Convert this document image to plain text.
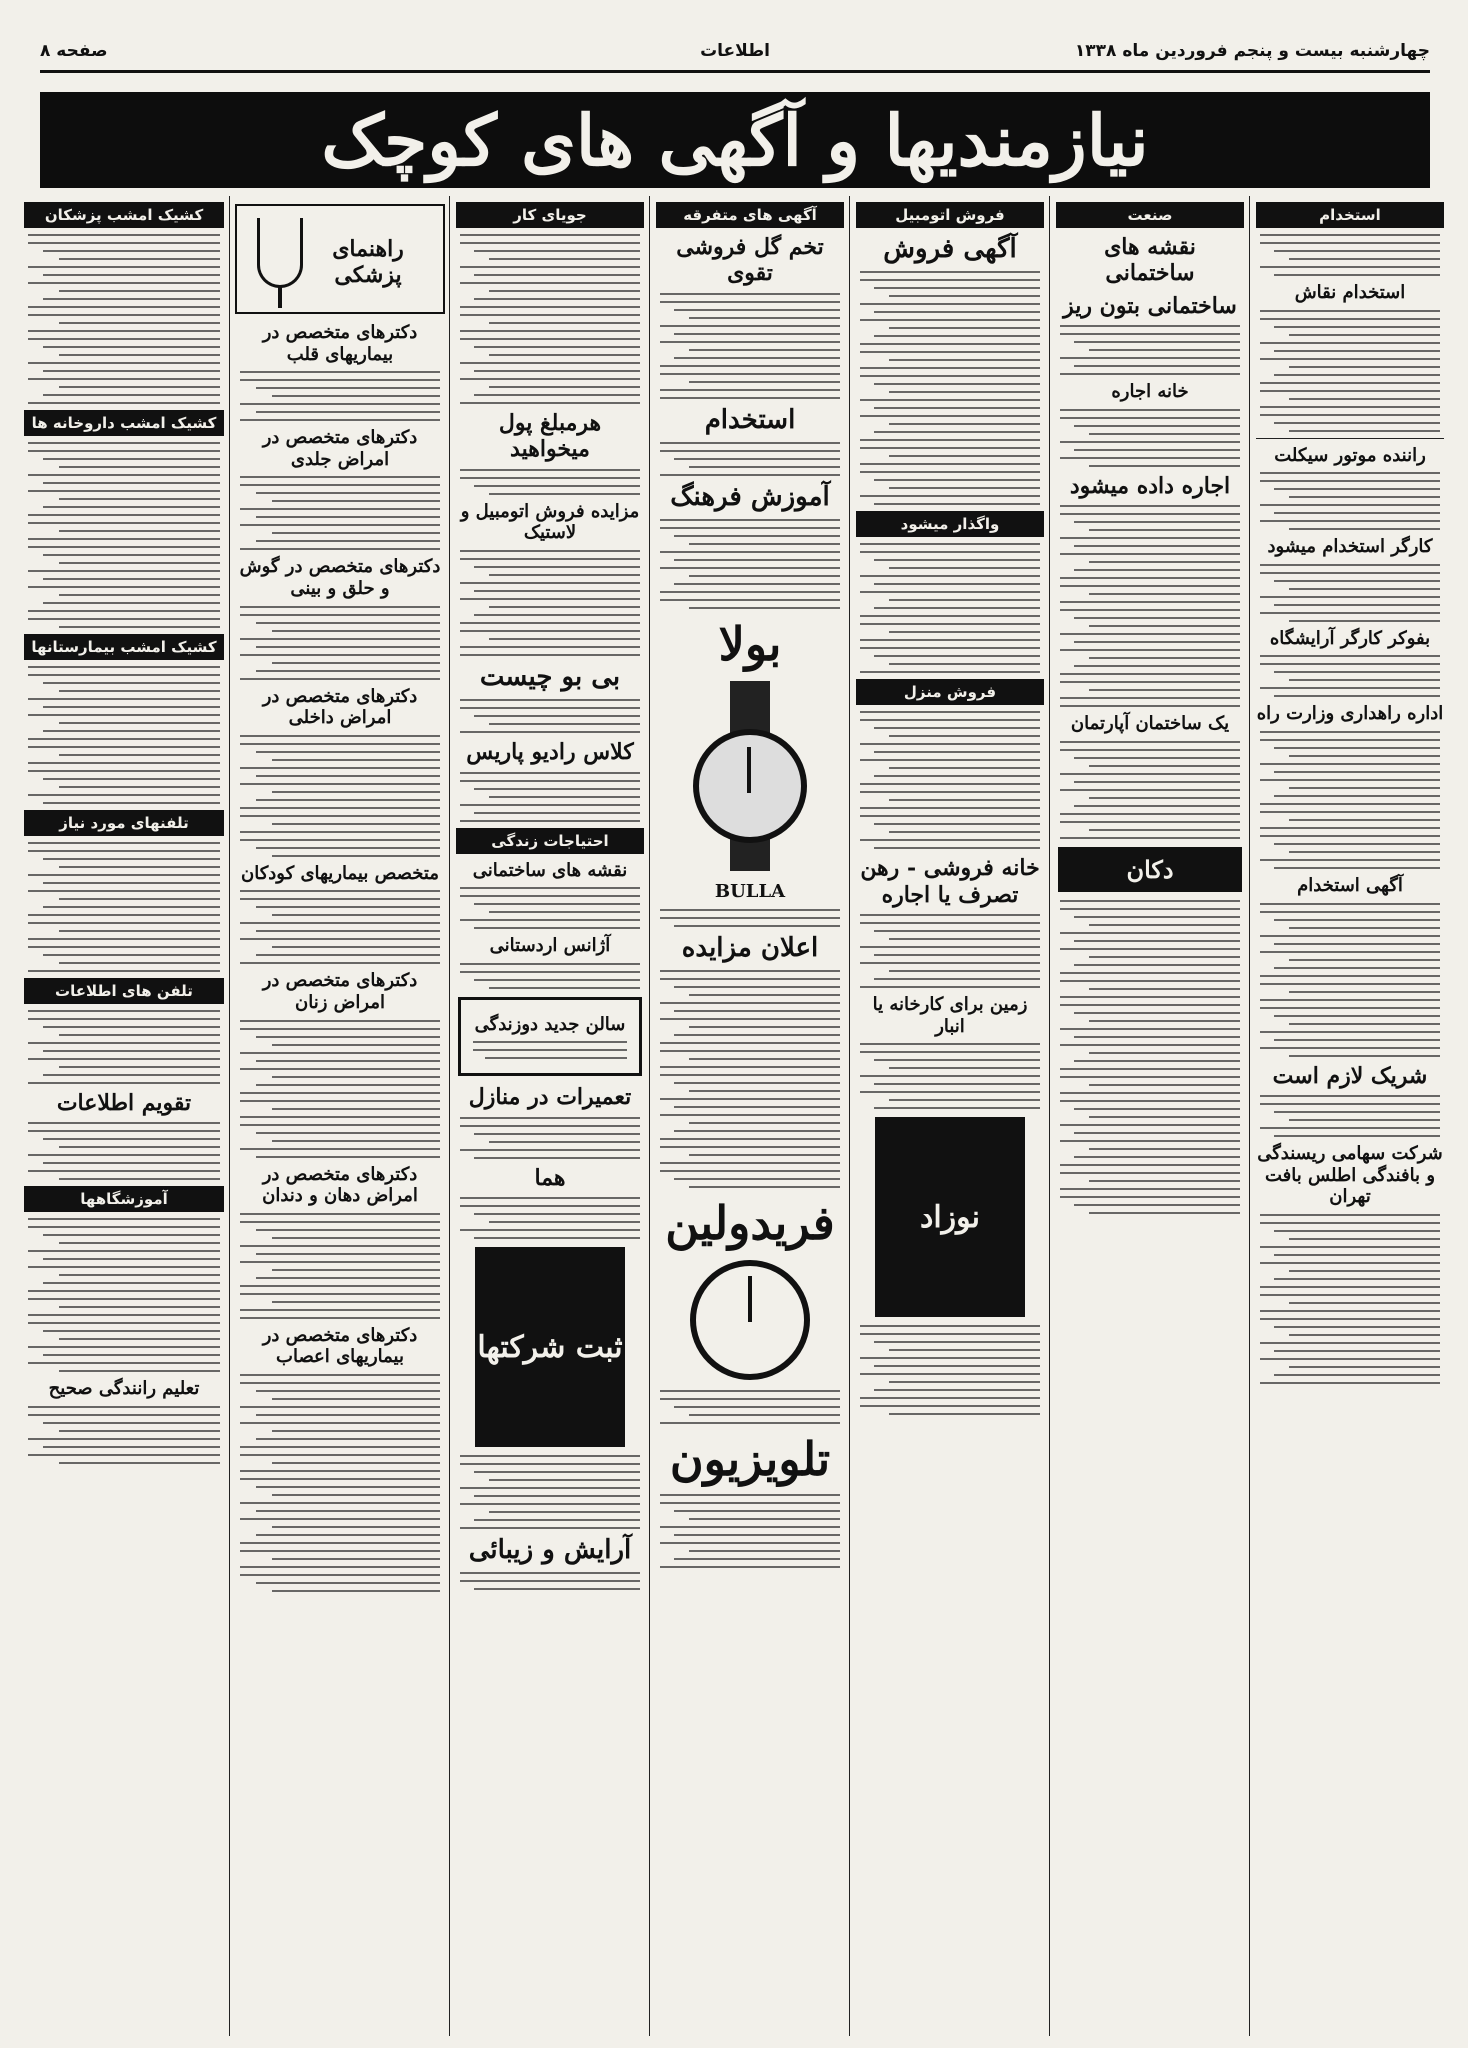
چهارشنبه بیست و پنجم فروردین ماه ۱۳۳۸
اطلاعات
صفحه ۸
نیازمندیها و آگهی های کوچک
استخدام
استخدام نقاش
راننده موتور سیکلت
کارگر استخدام میشود
بفوکر کارگر آرایشگاه
اداره راهداری وزارت راه
آگهی استخدام
شریک لازم است
شرکت سهامی ریسندگی و بافندگی اطلس بافت تهران
صنعت
نقشه های ساختمانی
ساختمانی بتون ریز
خانه اجاره
اجاره داده میشود
یک ساختمان آپارتمان
دکان
فروش اتومبیل
آگهی فروش
واگذار میشود
فروش منزل
خانه فروشی - رهن تصرف یا اجاره
زمین برای کارخانه یا انبار
نوزاد
آگهی های متفرقه
تخم گل فروشی تقوی
استخدام
آموزش فرهنگ
بولا
BULLA
اعلان مزایده
فریدولین
تلویزیون
جویای کار
هرمبلغ پول میخواهید
مزایده فروش اتومبیل و لاستیک
بی بو چیست
کلاس رادیو پاریس
احتیاجات زندگی
نقشه های ساختمانی
آژانس اردستانی
سالن جدید دوزندگی
تعمیرات در منازل
هما
ثبت شرکتها
آرایش و زیبائی
راهنمای پزشکی
دکترهای متخصص در بیماریهای قلب
دکترهای متخصص در امراض جلدی
دکترهای متخصص در گوش و حلق و بینی
دکترهای متخصص در امراض داخلی
متخصص بیماریهای کودکان
دکترهای متخصص در امراض زنان
دکترهای متخصص در امراض دهان و دندان
دکترهای متخصص در بیماریهای اعصاب
کشیک امشب پزشکان
کشیک امشب داروخانه ها
کشیک امشب بیمارستانها
تلفنهای مورد نیاز
تلفن های اطلاعات
تقویم اطلاعات
آموزشگاهها
تعلیم رانندگی صحیح
